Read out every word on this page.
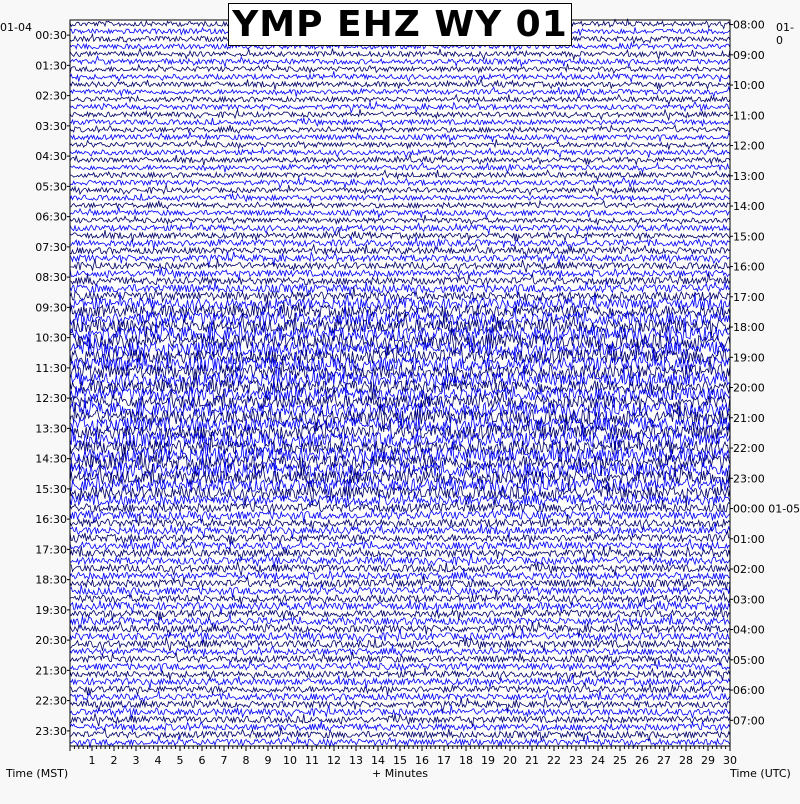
00:30
01:30
02:30
03:30
04:30
05:30
06:30
07:30
08:30
09:30
10:30
11:30
12:30
13:30
14:30
15:30
16:30
17:30
18:30
19:30
20:30
21:30
22:30
23:30
08:00
09:00
10:00
11:00
12:00
13:00
14:00
15:00
16:00
17:00
18:00
19:00
20:00
21:00
22:00
23:00
00:00 01-05
01:00
02:00
03:00
04:00
05:00
06:00
07:00
1 2 3 4 5 6 7 8 9 10 11 12 13 14 15 16 17 18 19 20 21 22 23 24 25 26 27 28 29 30
YMP EHZ WY 01
01-04	01-0
Time (MST)	+ Minutes	Time (UTC)
